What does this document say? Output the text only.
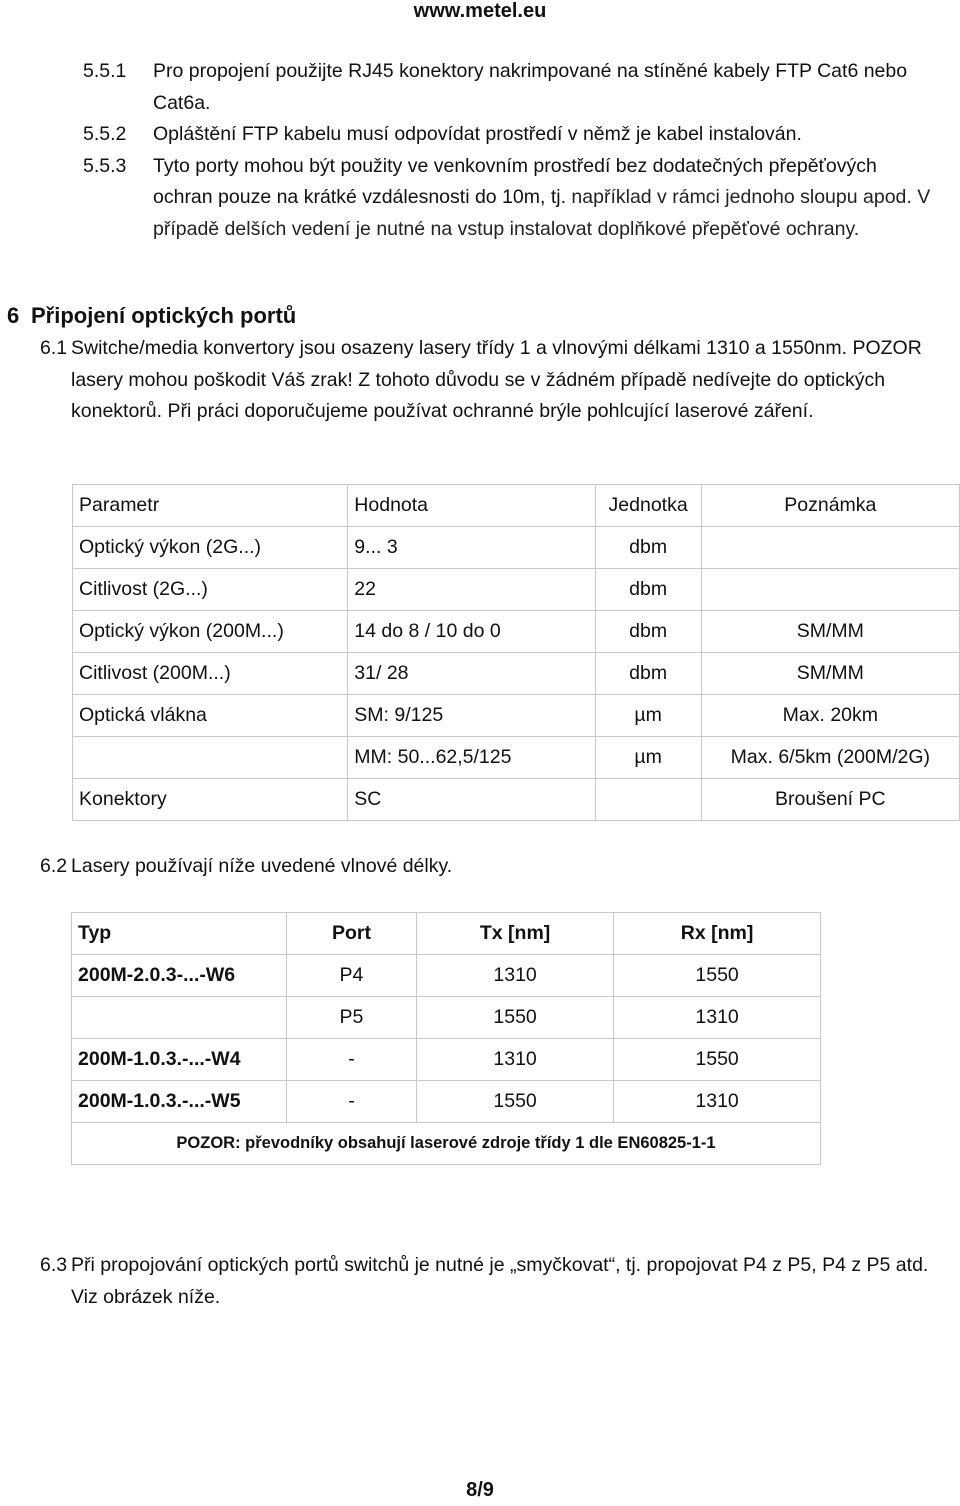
www.metel.eu
5.5.1 Pro propojení použijte RJ45 konektory nakrimpované na stíněné kabely FTP Cat6 nebo Cat6a.
5.5.2 Opláštění FTP kabelu musí odpovídat prostředí v němž je kabel instalován.
5.5.3 Tyto porty mohou být použity ve venkovním prostředí bez dodatečných přepěťových ochran pouze na krátké vzdálesnosti do 10m, tj. například v rámci jednoho sloupu apod. V případě delších vedení je nutné na vstup instalovat doplňkové přepěťové ochrany.
6 Připojení optických portů
6.1 Switche/media konvertory jsou osazeny lasery třídy 1 a vlnovými délkami 1310 a 1550nm. POZOR lasery mohou poškodit Váš zrak! Z tohoto důvodu se v žádném případě nedívejte do optických konektorů. Při práci doporučujeme používat ochranné brýle pohlcující laserové záření.
Parametr	Hodnota	Jednotka	Poznámka
Optický výkon (2G...)	9... 3	dbm	
Citlivost (2G...)	22	dbm	
Optický výkon (200M...)	14 do 8 / 10 do 0	dbm	SM/MM
Citlivost (200M...)	31/ 28	dbm	SM/MM
Optická vlákna	SM: 9/125	µm	Max. 20km
	MM: 50...62,5/125	µm	Max. 6/5km (200M/2G)
Konektory	SC		Broušení PC
6.2 Lasery používají níže uvedené vlnové délky.
Typ	Port	Tx [nm]	Rx [nm]
200M-2.0.3-...-W6	P4	1310	1550
	P5	1550	1310
200M-1.0.3.-...-W4	-	1310	1550
200M-1.0.3.-...-W5	-	1550	1310
POZOR: převodníky obsahují laserové zdroje třídy 1 dle EN60825-1-1			
6.3 Při propojování optických portů switchů je nutné je „smyčkovat“, tj. propojovat P4 z P5, P4 z P5 atd. Viz obrázek níže.
8/9
